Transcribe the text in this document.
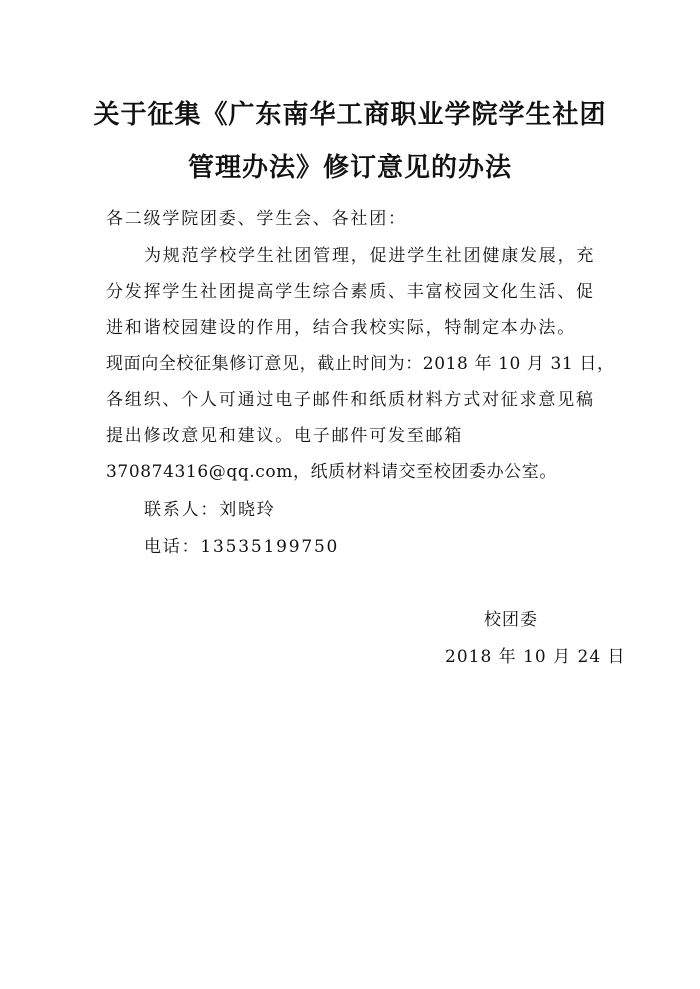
关于征集《广东南华工商职业学院学生社团
管理办法》修订意见的办法
各二级学院团委、学生会、各社团：
为规范学校学生社团管理，促进学生社团健康发展，充
分发挥学生社团提高学生综合素质、丰富校园文化生活、促
进和谐校园建设的作用，结合我校实际，特制定本办法。
现面向全校征集修订意见，截止时间为：2018 年 10 月 31 日，
各组织、个人可通过电子邮件和纸质材料方式对征求意见稿
提出修改意见和建议。电子邮件可发至邮箱
370874316@qq.com，纸质材料请交至校团委办公室。
联系人：刘晓玲
电话：13535199750
校团委
2018 年 10 月 24 日
